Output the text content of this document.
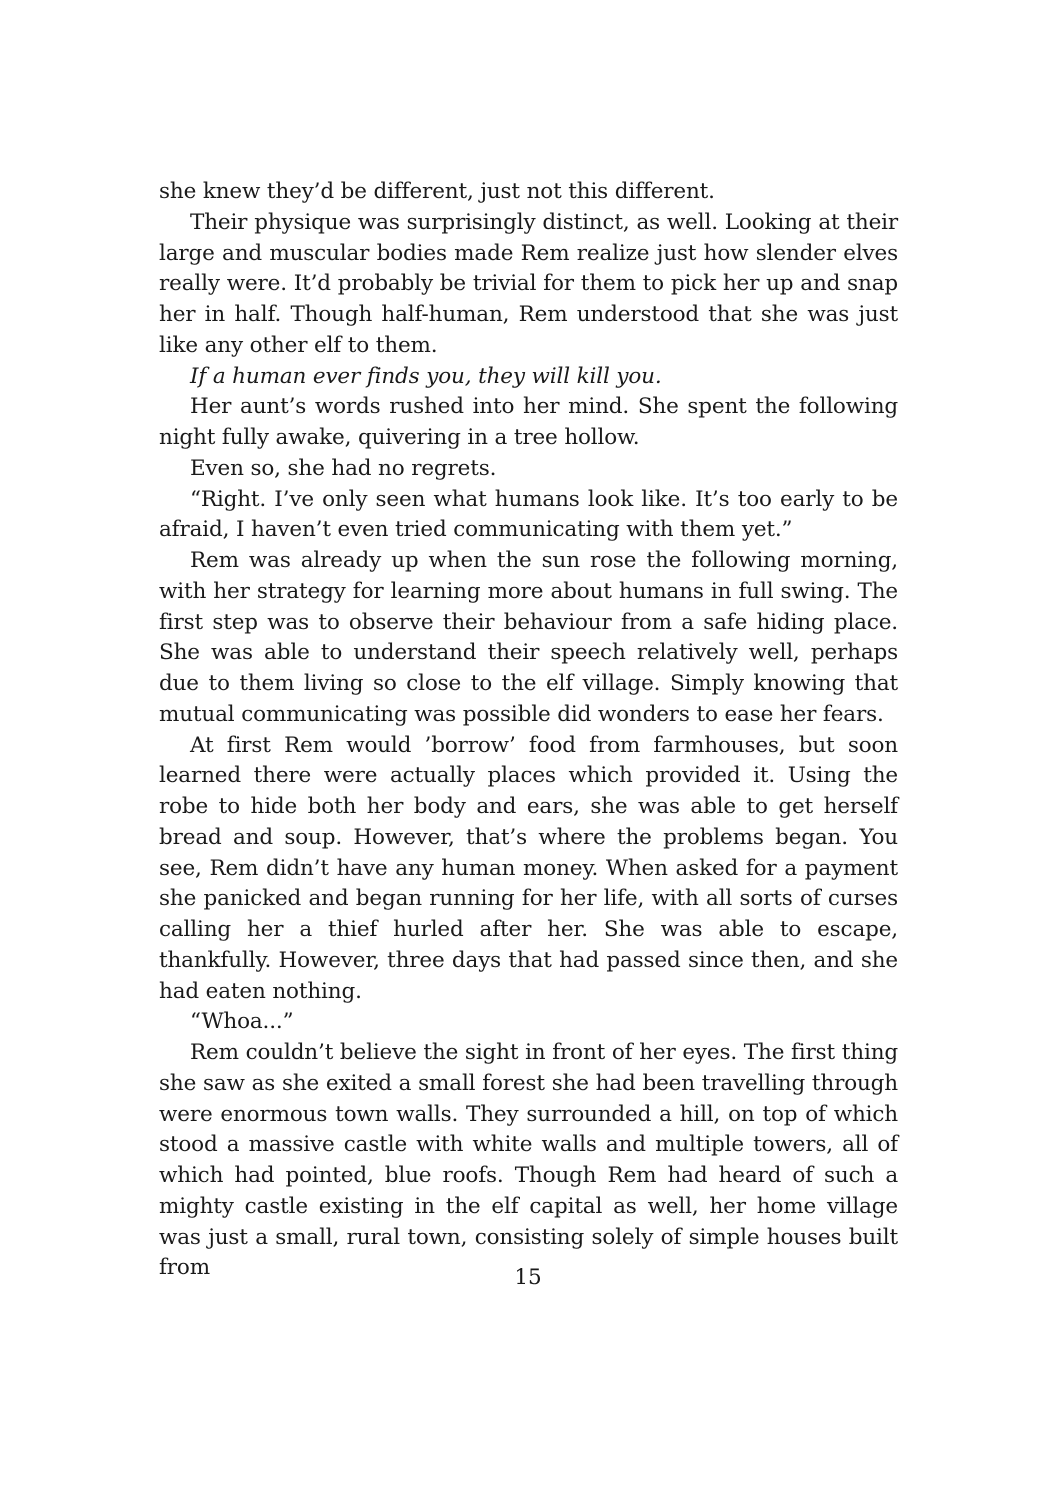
she knew they’d be different, just not this different.

Their physique was surprisingly distinct, as well. Looking at their large and muscular bodies made Rem realize just how slender elves really were. It’d probably be trivial for them to pick her up and snap her in half. Though half-human, Rem understood that she was just like any other elf to them.

If a human ever finds you, they will kill you.

Her aunt’s words rushed into her mind. She spent the following night fully awake, quivering in a tree hollow.

Even so, she had no regrets.

“Right. I’ve only seen what humans look like. It’s too early to be afraid, I haven’t even tried communicating with them yet.”

Rem was already up when the sun rose the following morning, with her strategy for learning more about humans in full swing. The first step was to observe their behaviour from a safe hiding place. She was able to understand their speech relatively well, perhaps due to them living so close to the elf village. Simply knowing that mutual communicating was possible did wonders to ease her fears.

At first Rem would ’borrow’ food from farmhouses, but soon learned there were actually places which provided it. Using the robe to hide both her body and ears, she was able to get herself bread and soup. However, that’s where the problems began. You see, Rem didn’t have any human money. When asked for a payment she panicked and began running for her life, with all sorts of curses calling her a thief hurled after her. She was able to escape, thankfully. However, three days that had passed since then, and she had eaten nothing.

“Whoa...”

Rem couldn’t believe the sight in front of her eyes. The first thing she saw as she exited a small forest she had been travelling through were enormous town walls. They surrounded a hill, on top of which stood a massive castle with white walls and multiple towers, all of which had pointed, blue roofs. Though Rem had heard of such a mighty castle existing in the elf capital as well, her home village was just a small, rural town, consisting solely of simple houses built from	15
